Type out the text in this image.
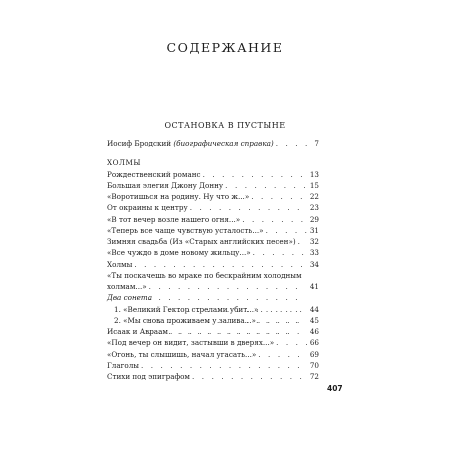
СОДЕРЖАНИЕ
ОСТАНОВКА В ПУСТЫНЕ
Иосиф Бродский (биографическая справка) . . .	7
ХОЛМЫ
Рождественский романс . . .	13
Большая элегия Джону Донну . . .	15
«Воротишься на родину. Ну что ж...» . . .	22
От окраины к центру . . .	23
«В тот вечер возле нашего огня...» . . .	29
«Теперь все чаще чувствую усталость...» . . .	31
Зимняя свадьба (Из «Старых английских песен») . . . 32
«Все чуждо в доме новому жильцу...» . . .	33
Холмы . . .	34
«Ты поскачешь во мраке по бескрайним холодным
холмам...» . . .	41
Два сонета
1. «Великий Гектор стрелами убит...» . . .	44
2. «Мы снова проживаем у залива...» . . .	45
Исаак и Авраам . . .	46
«Под вечер он видит, застывши в дверях...» . . .	66
«Огонь, ты слышишь, начал угасать...» . . .	69
Глаголы . . .	70
Стихи под эпиграфом . . .	72
407
